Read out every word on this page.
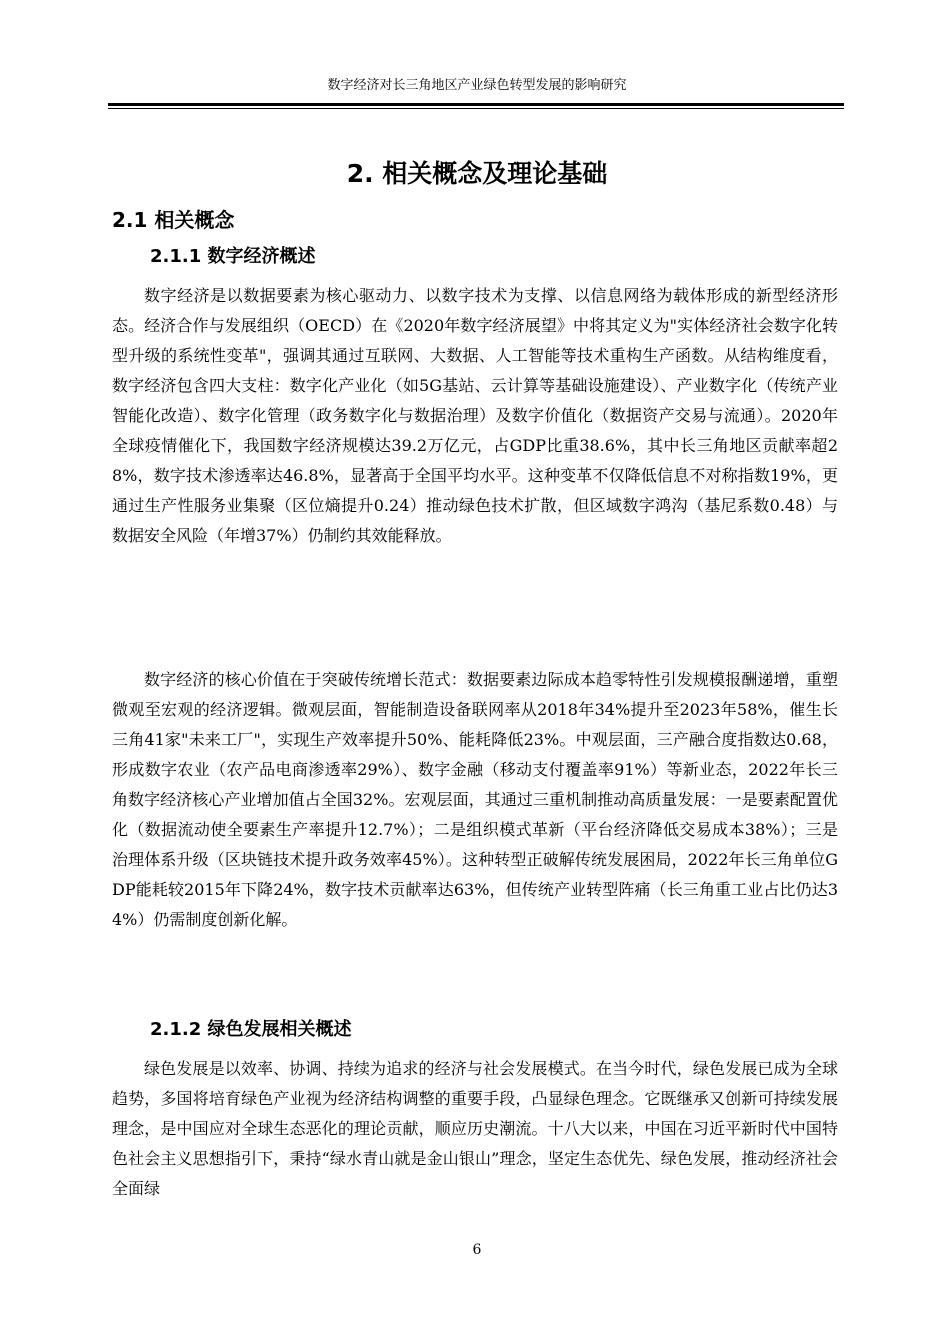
数字经济对长三角地区产业绿色转型发展的影响研究
2. 相关概念及理论基础
2.1 相关概念
2.1.1 数字经济概述

数字经济是以数据要素为核心驱动力、以数字技术为支撑、以信息网络为载体形成的新型经济形态。经济合作与发展组织（OECD）在《2020年数字经济展望》中将其定义为"实体经济社会数字化转型升级的系统性变革"，强调其通过互联网、大数据、人工智能等技术重构生产函数。从结构维度看，数字经济包含四大支柱：数字化产业化（如5G基站、云计算等基础设施建设）、产业数字化（传统产业智能化改造）、数字化管理（政务数字化与数据治理）及数字价值化（数据资产交易与流通）。2020年全球疫情催化下，我国数字经济规模达39.2万亿元，占GDP比重38.6%，其中长三角地区贡献率超28%，数字技术渗透率达46.8%，显著高于全国平均水平。这种变革不仅降低信息不对称指数19%，更通过生产性服务业集聚（区位熵提升0.24）推动绿色技术扩散，但区域数字鸿沟（基尼系数0.48）与数据安全风险（年增37%）仍制约其效能释放。

数字经济的核心价值在于突破传统增长范式：数据要素边际成本趋零特性引发规模报酬递增，重塑微观至宏观的经济逻辑。微观层面，智能制造设备联网率从2018年34%提升至2023年58%，催生长三角41家"未来工厂"，实现生产效率提升50%、能耗降低23%。中观层面，三产融合度指数达0.68，形成数字农业（农产品电商渗透率29%）、数字金融（移动支付覆盖率91%）等新业态，2022年长三角数字经济核心产业增加值占全国32%。宏观层面，其通过三重机制推动高质量发展：一是要素配置优化（数据流动使全要素生产率提升12.7%）；二是组织模式革新（平台经济降低交易成本38%）；三是治理体系升级（区块链技术提升政务效率45%）。这种转型正破解传统发展困局，2022年长三角单位GDP能耗较2015年下降24%，数字技术贡献率达63%，但传统产业转型阵痛（长三角重工业占比仍达34%）仍需制度创新化解。

2.1.2 绿色发展相关概述

绿色发展是以效率、协调、持续为追求的经济与社会发展模式。在当今时代，绿色发展已成为全球趋势，多国将培育绿色产业视为经济结构调整的重要手段，凸显绿色理念。它既继承又创新可持续发展理念，是中国应对全球生态恶化的理论贡献，顺应历史潮流。十八大以来，中国在习近平新时代中国特色社会主义思想指引下，秉持“绿水青山就是金山银山”理念，坚定生态优先、绿色发展，推动经济社会全面绿

6
